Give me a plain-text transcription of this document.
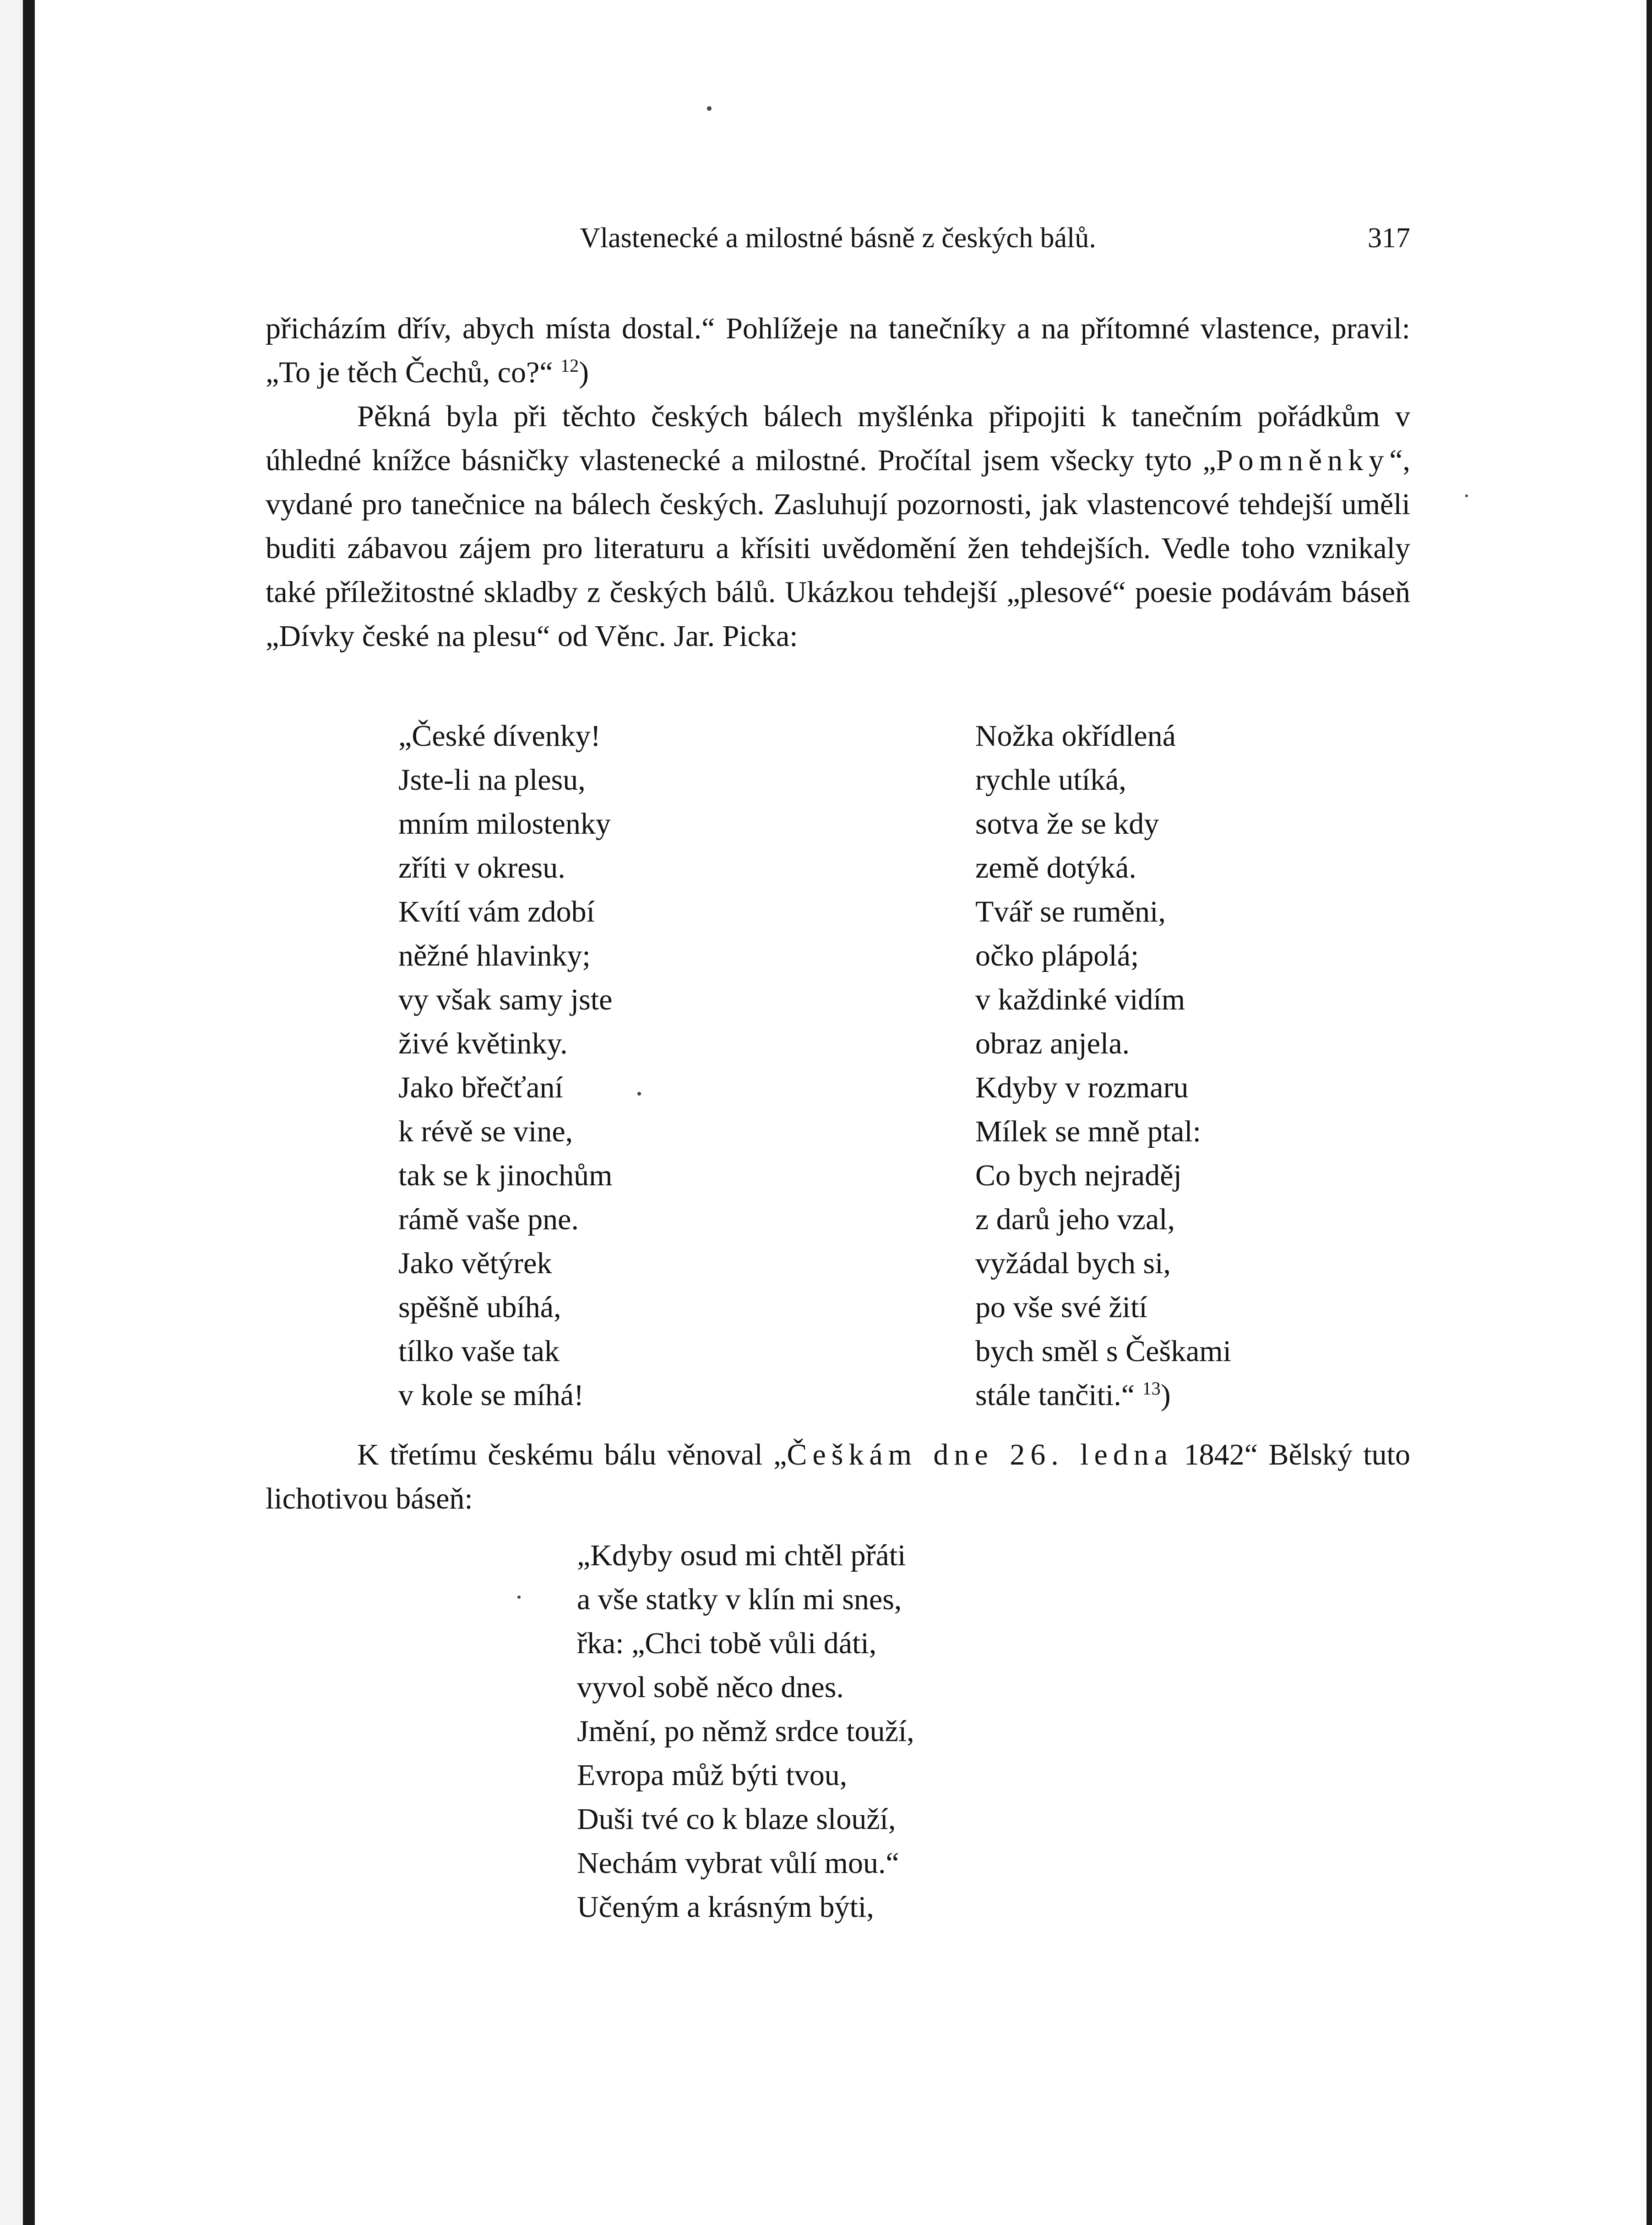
Vlastenecké a milostné básně z českých bálů.	317

přicházím dřív, abych místa dostal.“ Pohlížeje na tanečníky a na přítomné vlastence, pravil: „To je těch Čechů, co?“ $^{12}$)

Pěkná byla při těchto českých bálech myšlénka připojiti k tanečním pořádkům v úhledné knížce básničky vlastenecké a milostné. Pročítal jsem všecky tyto „Pomněnky“, vydané pro tanečnice na bálech českých. Zasluhují pozornosti, jak vlastencové tehdejší uměli buditi zábavou zájem pro literaturu a křísiti uvědomění žen tehdejších. Vedle toho vznikaly také příležitostné skladby z českých bálů. Ukázkou tehdejší „plesové“ poesie podávám báseň „Dívky české na plesu“ od Věnc. Jar. Picka:

„České dívenky!
Jste-li na plesu,
mním milostenky
zříti v okresu.
Kvítí vám zdobí
něžné hlavinky;
vy však samy jste
živé květinky.
Jako břečťaní
k révě se vine,
tak se k jinochům
rámě vaše pne.
Jako větýrek
spěšně ubíhá,
tílko vaše tak
v kole se míhá!
Nožka okřídlená
rychle utíká,
sotva že se kdy
země dotýká.
Tvář se ruměni,
očko plápolá;
v každinké vidím
obraz anjela.
Kdyby v rozmaru
Mílek se mně ptal:
Co bych nejraděj
z darů jeho vzal,
vyžádal bych si,
po vše své žití
bych směl s Češkami
stále tančiti.“ $^{13}$)

K třetímu českému bálu věnoval „Češkám dne 26. ledna 1842“ Bělský tuto lichotivou báseň:

„Kdyby osud mi chtěl přáti
a vše statky v klín mi snes,
řka: „Chci tobě vůli dáti,
vyvol sobě něco dnes.
Jmění, po němž srdce touží,
Evropa můž býti tvou,
Duši tvé co k blaze slouží,
Nechám vybrat vůlí mou.“
Učeným a krásným býti,
